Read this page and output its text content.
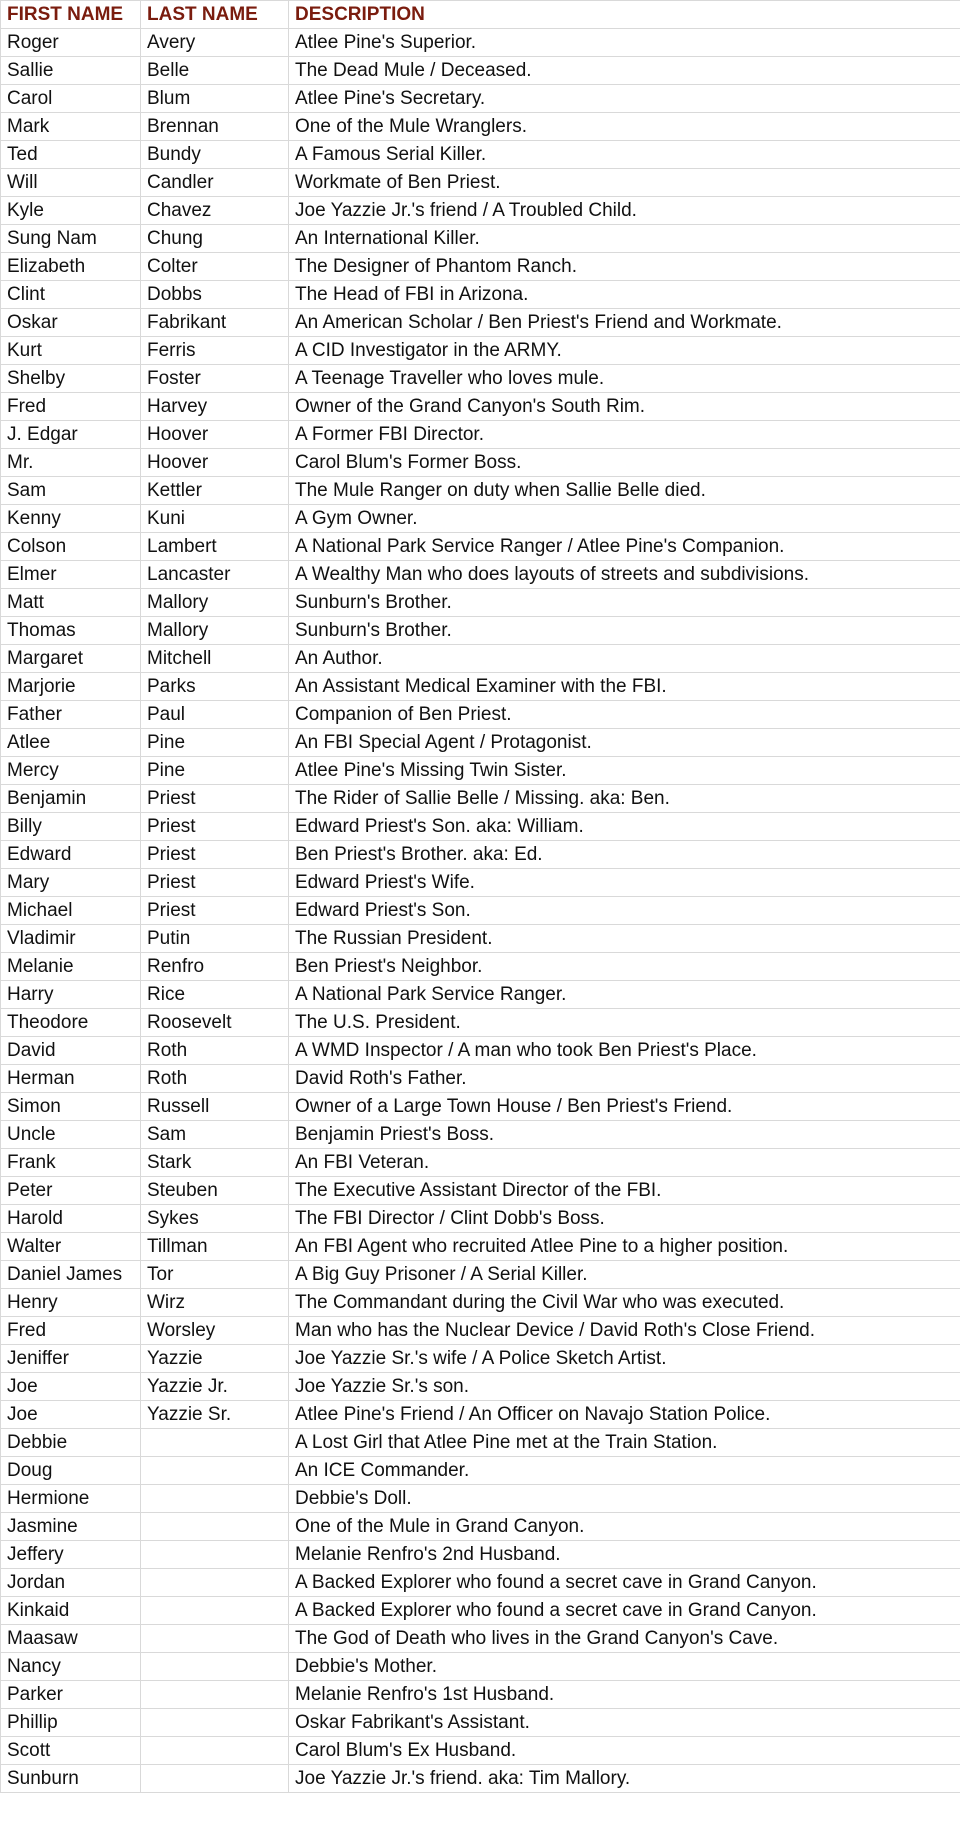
FIRST NAME	LAST NAME	DESCRIPTION
Roger	Avery	Atlee Pine's Superior.
Sallie	Belle	The Dead Mule / Deceased.
Carol	Blum	Atlee Pine's Secretary.
Mark	Brennan	One of the Mule Wranglers.
Ted	Bundy	A Famous Serial Killer.
Will	Candler	Workmate of Ben Priest.
Kyle	Chavez	Joe Yazzie Jr.'s friend / A Troubled Child.
Sung Nam	Chung	An International Killer.
Elizabeth	Colter	The Designer of Phantom Ranch.
Clint	Dobbs	The Head of FBI in Arizona.
Oskar	Fabrikant	An American Scholar / Ben Priest's Friend and Workmate.
Kurt	Ferris	A CID Investigator in the ARMY.
Shelby	Foster	A Teenage Traveller who loves mule.
Fred	Harvey	Owner of the Grand Canyon's South Rim.
J. Edgar	Hoover	A Former FBI Director.
Mr.	Hoover	Carol Blum's Former Boss.
Sam	Kettler	The Mule Ranger on duty when Sallie Belle died.
Kenny	Kuni	A Gym Owner.
Colson	Lambert	A National Park Service Ranger / Atlee Pine's Companion.
Elmer	Lancaster	A Wealthy Man who does layouts of streets and subdivisions.
Matt	Mallory	Sunburn's Brother.
Thomas	Mallory	Sunburn's Brother.
Margaret	Mitchell	An Author.
Marjorie	Parks	An Assistant Medical Examiner with the FBI.
Father	Paul	Companion of Ben Priest.
Atlee	Pine	An FBI Special Agent / Protagonist.
Mercy	Pine	Atlee Pine's Missing Twin Sister.
Benjamin	Priest	The Rider of Sallie Belle / Missing. aka: Ben.
Billy	Priest	Edward Priest's Son. aka: William.
Edward	Priest	Ben Priest's Brother. aka: Ed.
Mary	Priest	Edward Priest's Wife.
Michael	Priest	Edward Priest's Son.
Vladimir	Putin	The Russian President.
Melanie	Renfro	Ben Priest's Neighbor.
Harry	Rice	A National Park Service Ranger.
Theodore	Roosevelt	The U.S. President.
David	Roth	A WMD Inspector / A man who took Ben Priest's Place.
Herman	Roth	David Roth's Father.
Simon	Russell	Owner of a Large Town House / Ben Priest's Friend.
Uncle	Sam	Benjamin Priest's Boss.
Frank	Stark	An FBI Veteran.
Peter	Steuben	The Executive Assistant Director of the FBI.
Harold	Sykes	The FBI Director / Clint Dobb's Boss.
Walter	Tillman	An FBI Agent who recruited Atlee Pine to a higher position.
Daniel James	Tor	A Big Guy Prisoner / A Serial Killer.
Henry	Wirz	The Commandant during the Civil War who was executed.
Fred	Worsley	Man who has the Nuclear Device / David Roth's Close Friend.
Jeniffer	Yazzie	Joe Yazzie Sr.'s wife / A Police Sketch Artist.
Joe	Yazzie Jr.	Joe Yazzie Sr.'s son.
Joe	Yazzie Sr.	Atlee Pine's Friend / An Officer on Navajo Station Police.
Debbie		A Lost Girl that Atlee Pine met at the Train Station.
Doug		An ICE Commander.
Hermione		Debbie's Doll.
Jasmine		One of the Mule in Grand Canyon.
Jeffery		Melanie Renfro's 2nd Husband.
Jordan		A Backed Explorer who found a secret cave in Grand Canyon.
Kinkaid		A Backed Explorer who found a secret cave in Grand Canyon.
Maasaw		The God of Death who lives in the Grand Canyon's Cave.
Nancy		Debbie's Mother.
Parker		Melanie Renfro's 1st Husband.
Phillip		Oskar Fabrikant's Assistant.
Scott		Carol Blum's Ex Husband.
Sunburn		Joe Yazzie Jr.'s friend. aka: Tim Mallory.
